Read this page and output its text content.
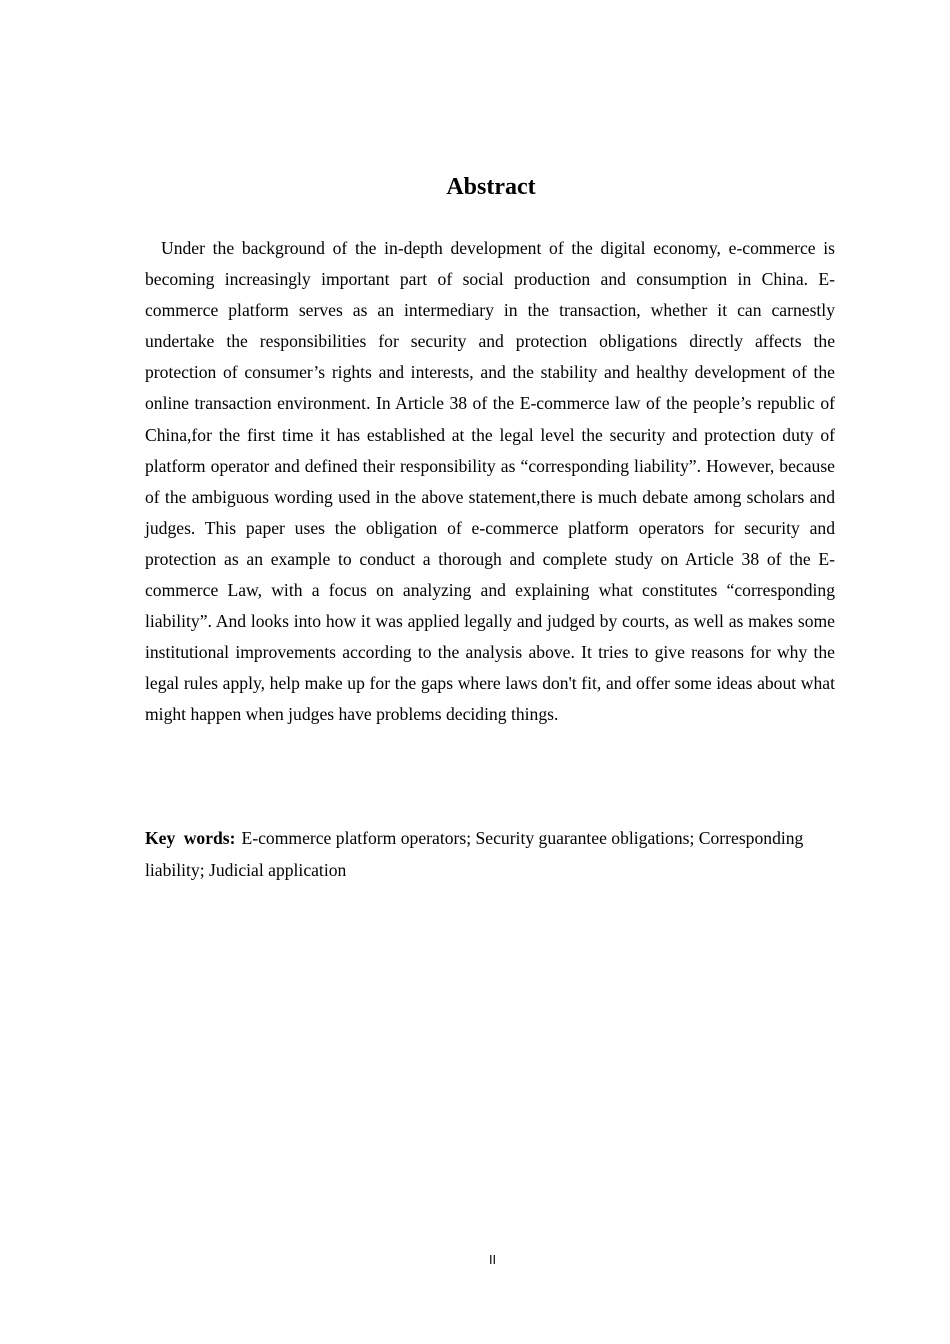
Abstract

Under the background of the in-depth development of the digital economy, e-commerce is becoming increasingly important part of social production and consumption in China. E-commerce platform serves as an intermediary in the transaction, whether it can carnestly undertake the responsibilities for security and protection obligations directly affects the protection of consumer’s rights and interests, and the stability and healthy development of the online transaction environment. In Article 38 of the E-commerce law of the people’s republic of China,for the first time it has established at the legal level the security and protection duty of platform operator and defined their responsibility as “corresponding liability”. However, because of the ambiguous wording used in the above statement,there is much debate among scholars and judges. This paper uses the obligation of e-commerce platform operators for security and protection as an example to conduct a thorough and complete study on Article 38 of the E-commerce Law, with a focus on analyzing and explaining what constitutes “corresponding liability”. And looks into how it was applied legally and judged by courts, as well as makes some institutional improvements according to the analysis above. It tries to give reasons for why the legal rules apply, help make up for the gaps where laws don't fit, and offer some ideas about what might happen when judges have problems deciding things.

Key words: E-commerce platform operators; Security guarantee obligations; Corresponding liability; Judicial application

II
